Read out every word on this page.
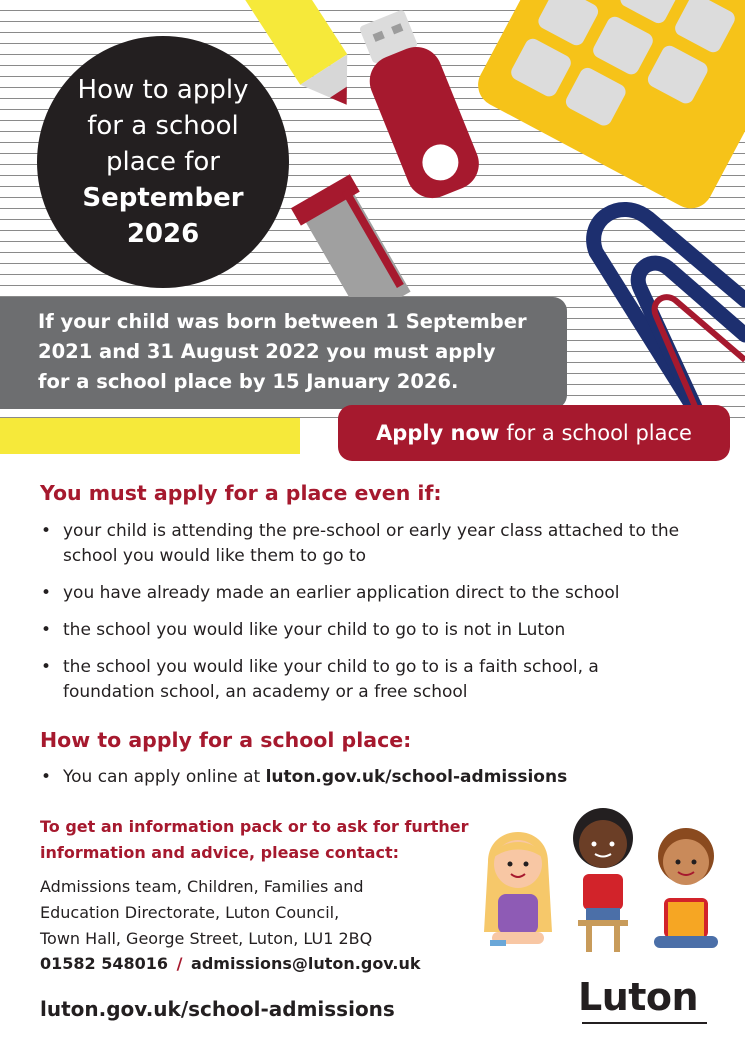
How to apply
for a school
place for
September
2026
If your child was born between 1 September
2021 and 31 August 2022 you must apply
for a school place by 15 January 2026.
Apply now for a school place
You must apply for a place even if:
• your child is attending the pre-school or early year class attached to the school you would like them to go to
• you have already made an earlier application direct to the school
• the school you would like your child to go to is not in Luton
• the school you would like your child to go to is a faith school, a foundation school, an academy or a free school
How to apply for a school place:
• You can apply online at luton.gov.uk/school-admissions
To get an information pack or to ask for further information and advice, please contact:
Admissions team, Children, Families and
Education Directorate, Luton Council,
Town Hall, George Street, Luton, LU1 2BQ
01582 548016 / admissions@luton.gov.uk
luton.gov.uk/school-admissions	Luton
